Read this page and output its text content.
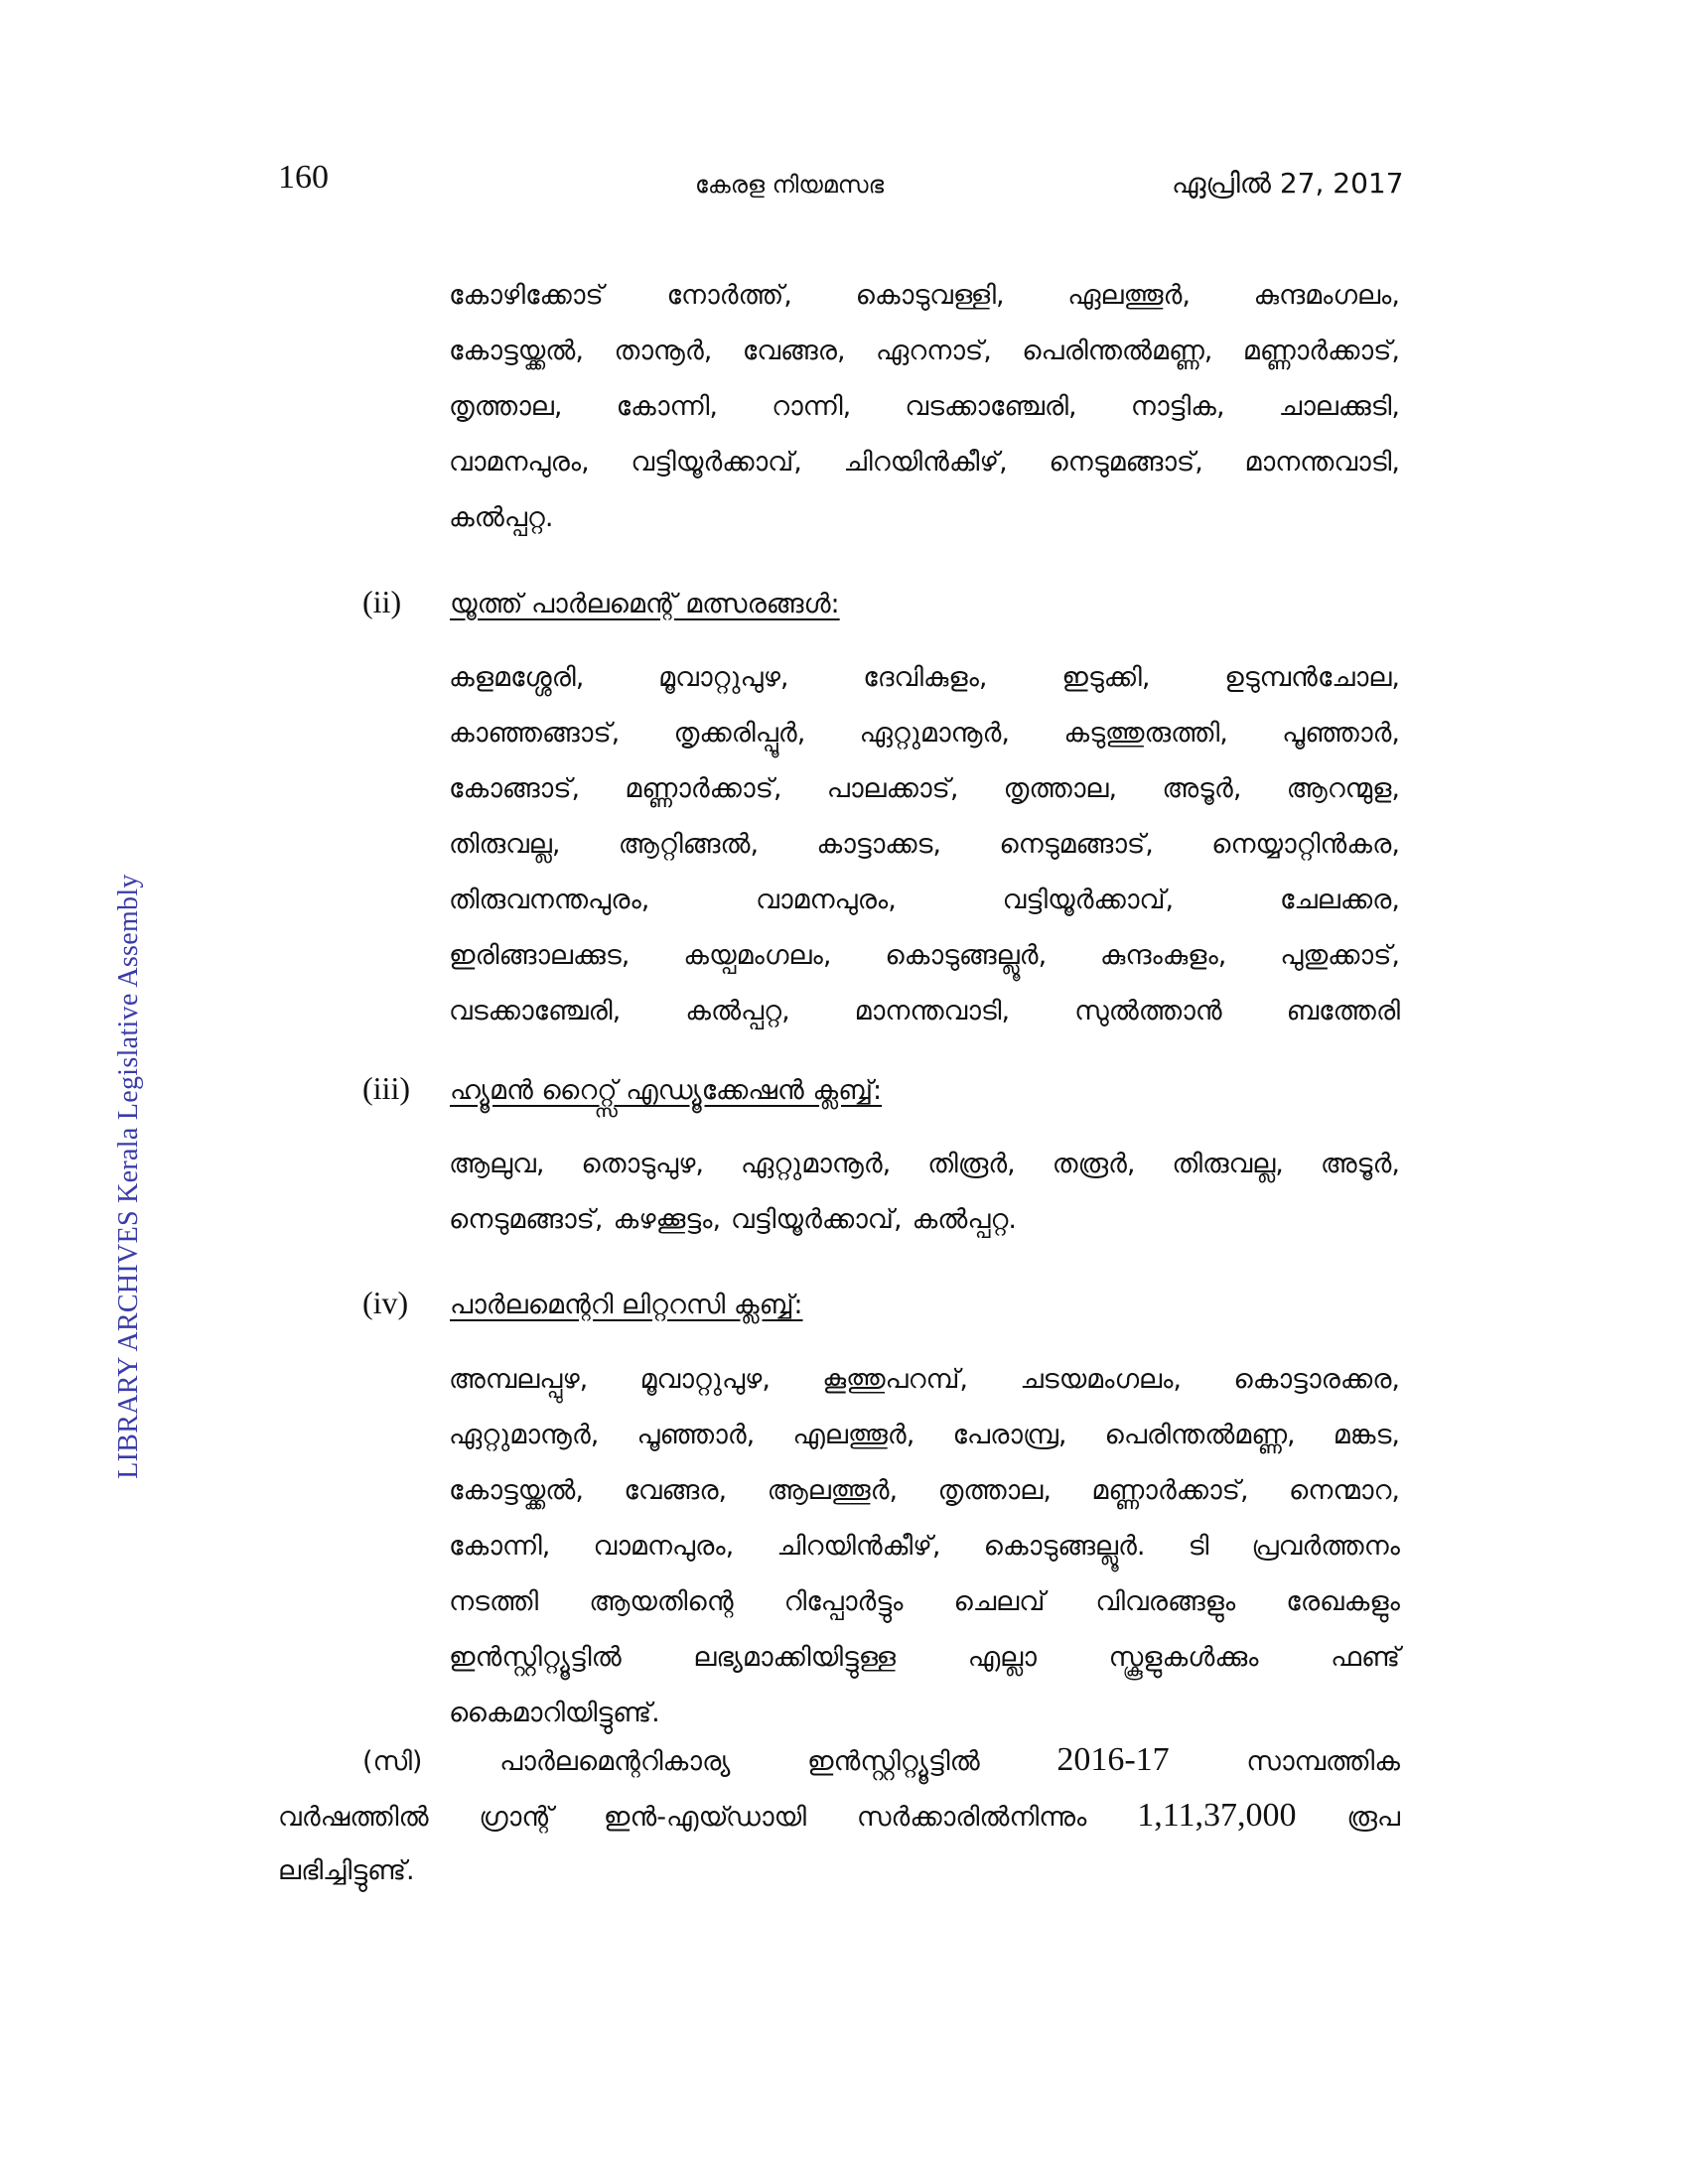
160	കേരള നിയമസഭ	ഏപ്രിൽ 27, 2017
LIBRARY ARCHIVES Kerala Legislative Assembly
കോഴിക്കോട് നോർത്ത്, കൊടുവള്ളി, ഏലത്തൂർ, കുന്ദമംഗലം,
കോട്ടയ്ക്കൽ, താനൂർ, വേങ്ങര, ഏറനാട്, പെരിന്തൽമണ്ണ, മണ്ണാർക്കാട്,
തൃത്താല, കോന്നി, റാന്നി, വടക്കാഞ്ചേരി, നാട്ടിക, ചാലക്കുടി,
വാമനപുരം, വട്ടിയൂർക്കാവ്, ചിറയിൻകീഴ്, നെടുമങ്ങാട്, മാനന്തവാടി,
കൽപ്പറ്റ.
(ii)	യൂത്ത് പാർലമെന്റ് മത്സരങ്ങൾ:
കളമശ്ശേരി,	മൂവാറ്റുപുഴ,	ദേവികുളം,	ഇടുക്കി,	ഉടുമ്പൻചോല,
കാഞ്ഞങ്ങാട്, തൃക്കരിപ്പൂർ, ഏറ്റുമാനൂർ, കടുത്തുരുത്തി, പൂഞ്ഞാർ,
കോങ്ങാട്, മണ്ണാർക്കാട്, പാലക്കാട്, തൃത്താല, അടൂർ, ആറന്മുള,
തിരുവല്ല, ആറ്റിങ്ങൽ, കാട്ടാക്കട, നെടുമങ്ങാട്, നെയ്യാറ്റിൻകര,
തിരുവനന്തപുരം,	വാമനപുരം,	വട്ടിയൂർക്കാവ്,	ചേലക്കര,
ഇരിങ്ങാലക്കുട, കയ്പമംഗലം, കൊടുങ്ങല്ലൂർ, കുന്ദംകുളം, പുതുക്കാട്,
വടക്കാഞ്ചേരി, കൽപ്പറ്റ, മാനന്തവാടി, സുൽത്താൻ ബത്തേരി
(iii)	ഹ്യൂമൻ റൈറ്റ്സ് എഡ്യൂക്കേഷൻ ക്ലബ്ബ്:
ആലുവ, തൊടുപുഴ, ഏറ്റുമാനൂർ, തിരൂർ, തരൂർ, തിരുവല്ല, അടൂർ,
നെടുമങ്ങാട്, കഴക്കൂട്ടം, വട്ടിയൂർക്കാവ്, കൽപ്പറ്റ.
(iv)	പാർലമെന്ററി ലിറ്ററസി ക്ലബ്ബ്:
അമ്പലപ്പുഴ, മൂവാറ്റുപുഴ, കൂത്തുപറമ്പ്, ചടയമംഗലം, കൊട്ടാരക്കര,
ഏറ്റുമാനൂർ, പൂഞ്ഞാർ, എലത്തൂർ, പേരാമ്പ്ര, പെരിന്തൽമണ്ണ, മങ്കട,
കോട്ടയ്ക്കൽ, വേങ്ങര, ആലത്തൂർ, തൃത്താല, മണ്ണാർക്കാട്, നെന്മാറ,
കോന്നി, വാമനപുരം, ചിറയിൻകീഴ്, കൊടുങ്ങല്ലൂർ. ടി പ്രവർത്തനം
നടത്തി ആയതിന്റെ റിപ്പോർട്ടും ചെലവ് വിവരങ്ങളും രേഖകളും
ഇൻസ്റ്റിറ്റ്യൂട്ടിൽ	ലഭ്യമാക്കിയിട്ടുള്ള	എല്ലാ	സ്കൂളുകൾക്കും	ഫണ്ട്
കൈമാറിയിട്ടുണ്ട്.
(സി)	പാർലമെന്ററികാര്യ	ഇൻസ്റ്റിറ്റ്യൂട്ടിൽ 2016-17	സാമ്പത്തിക
വർഷത്തിൽ ഗ്രാന്റ് ഇൻ-എയ്ഡായി സർക്കാരിൽനിന്നും 1,11,37,000 രൂപ
ലഭിച്ചിട്ടുണ്ട്.
